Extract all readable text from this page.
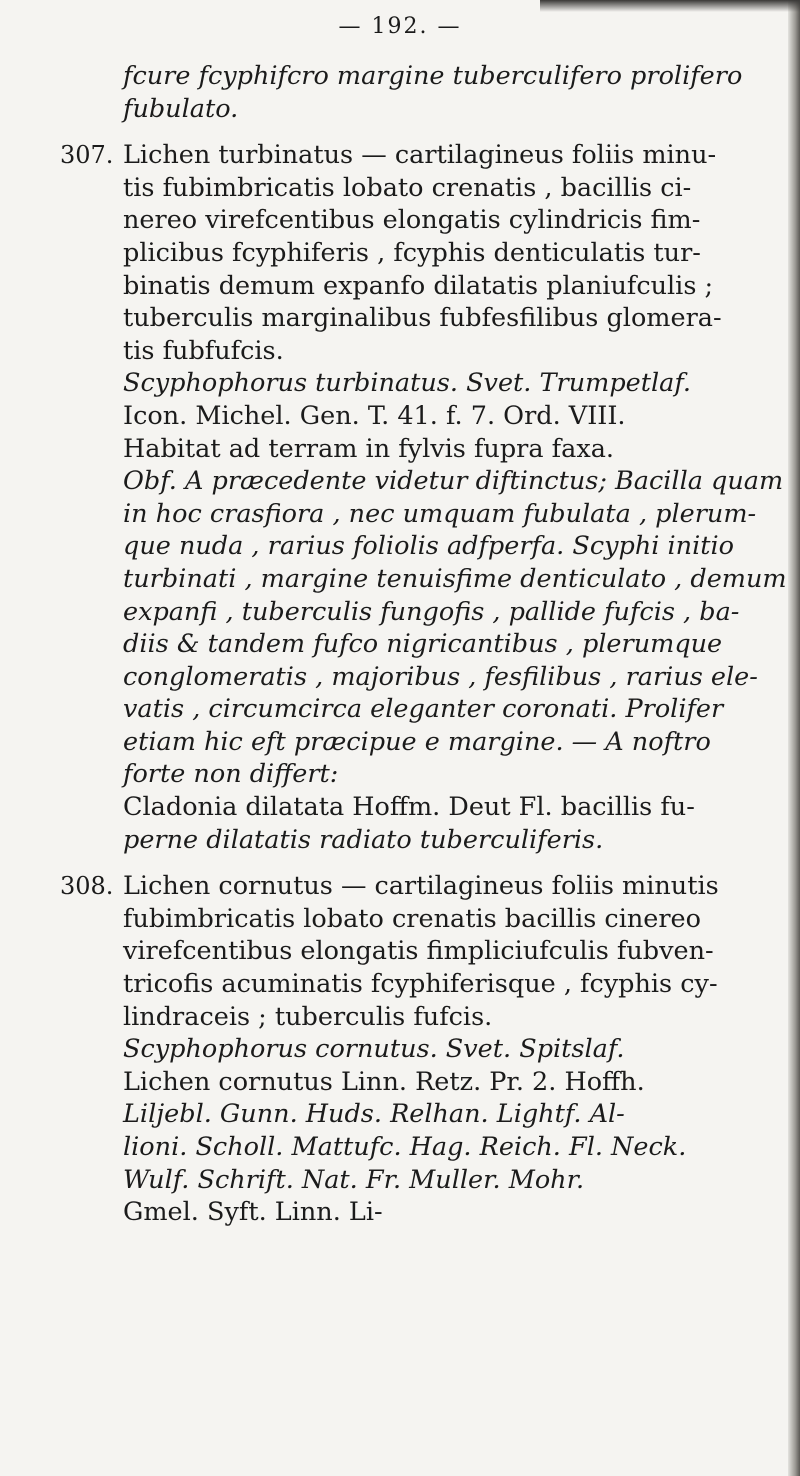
— 192. —
fcure fcyphifcro margine tuberculifero prolifero
fubulato.
307. Lichen turbinatus — cartilagineus foliis minu-
tis fubimbricatis lobato crenatis , bacillis ci-
nereo virefcentibus elongatis cylindricis fim-
plicibus fcyphiferis , fcyphis denticulatis tur-
binatis demum expanfo dilatatis planiufculis ;
tuberculis marginalibus fubfesfilibus glomera-
tis fubfufcis.
Scyphophorus turbinatus. Svet. Trumpetlaf.
Icon. Michel. Gen. T. 41. f. 7. Ord. VIII.
Habitat ad terram in fylvis fupra faxa.
Obf. A præcedente videtur diftinctus; Bacilla quam
in hoc crasfiora , nec umquam fubulata , plerum-
que nuda , rarius foliolis adfperfa. Scyphi initio
turbinati , margine tenuisfime denticulato , demum
expanfi , tuberculis fungofis , pallide fufcis , ba-
diis & tandem fufco nigricantibus , plerumque
conglomeratis , majoribus , fesfilibus , rarius ele-
vatis , circumcirca eleganter coronati. Prolifer
etiam hic eft præcipue e margine. — A noftro
forte non differt:
Cladonia dilatata Hoffm. Deut Fl. bacillis fu-
perne dilatatis radiato tuberculiferis.
308. Lichen cornutus — cartilagineus foliis minutis
fubimbricatis lobato crenatis bacillis cinereo
virefcentibus elongatis fimpliciufculis fubven-
tricofis acuminatis fcyphiferisque , fcyphis cy-
lindraceis ; tuberculis fufcis.
Scyphophorus cornutus. Svet. Spitslaf.
Lichen cornutus Linn. Retz. Pr. 2. Hoffh.
Liljebl. Gunn. Huds. Relhan. Lightf. Al-
lioni. Scholl. Mattufc. Hag. Reich. Fl. Neck.
Wulf. Schrift. Nat. Fr. Muller. Mohr.
Gmel. Syft. Linn. Li-
